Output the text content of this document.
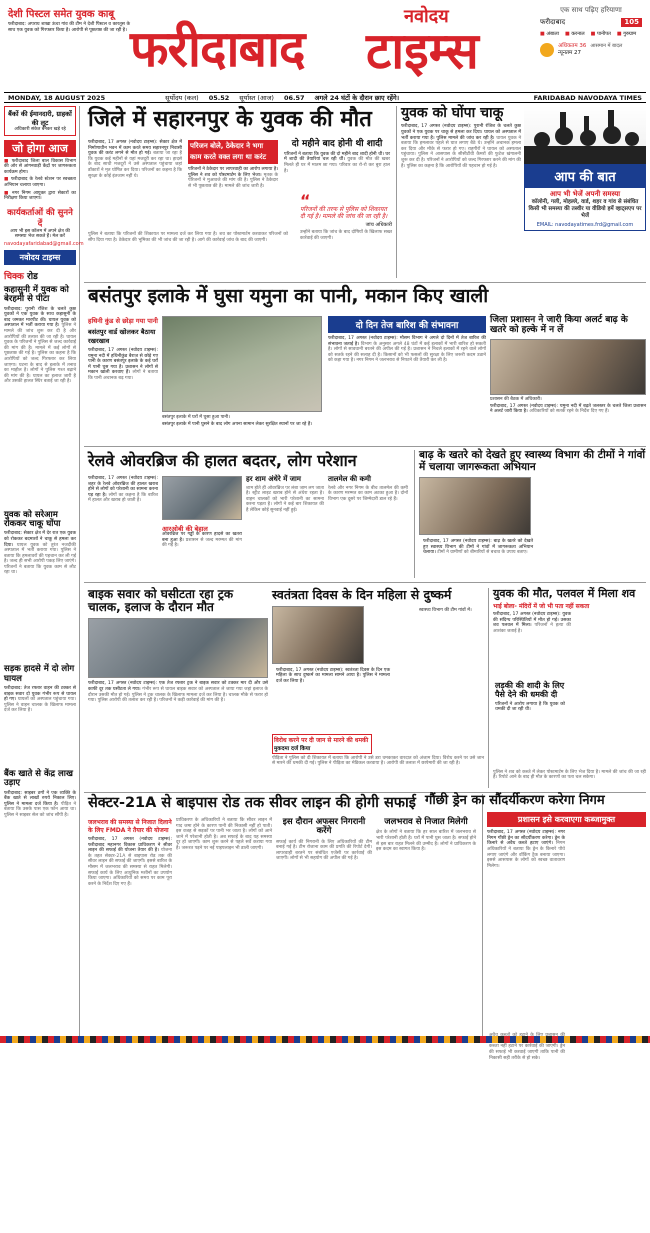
देशी पिस्टल समेत युवक काबू
फरीदाबाद: अपराध शाखा ऊंचा गांव की टीम ने देशी पिस्टल व कारतूस के साथ एक युवक को गिरफ्तार किया है। आरोपी से पूछताछ की जा रही है। फरीदाबाद
नवोदय
टाइम्स
एक साथ पढ़िए हरियाणा
फरीदाबाद	105
■ अंबाला	■ करनाल	■ पानीपत	■ गुरुग्राम
अधिकतम 36
न्यूनतम 27
आसमान में बादल
MONDAY, 18 AUGUST 2025	सूर्योदय (कल) 05.52 सूर्यास्त (आज) 06.57 अगले 24 घंटों के दौरान छाए रहेंगे।	FARIDABAD NAVODAYA TIMES
बैंकों की ईमानदारी, ग्राहकों की लूट
अधिकारी संकेत बनकर खड़े रहे
जो होगा आज
■ फरीदाबाद जिला बाल विकास विभाग की ओर से आंगनवाड़ी केंद्रों पर जागरूकता कार्यक्रम होगा।
■ फरीदाबाद के रेलवे स्टेशन पर स्वच्छता अभियान चलाया जाएगा।
■ नगर निगम आयुक्त द्वारा सेक्टरों का निरीक्षण किया जाएगा।
कार्यकर्ताओं की सुनने दें
आप भी इस कॉलम में अपने क्षेत्र की समस्या भेज सकते हैं। मेल करें
navodayafaridabad@gmail.com
नवोदय टाइम्स
चिक्क रोड
कहासुनी में युवक को बेरहमी से पीटा
फरीदाबाद: पुरानी रंजिश के चलते कुछ युवकों ने एक युवक के साथ कहासुनी के बाद जमकर मारपीट की। घायल युवक को अस्पताल में भर्ती कराया गया है। पुलिस ने मामले की जांच शुरू कर दी है और आरोपियों की तलाश की जा रही है। घायल युवक के परिजनों ने पुलिस से जल्द कार्रवाई की मांग की है। मामले में कई लोगों से पूछताछ की गई है। पुलिस का कहना है कि आरोपियों को जल्द गिरफ्तार कर लिया जाएगा। घटना के बाद से इलाके में तनाव का माहौल है। लोगों ने पुलिस गश्त बढ़ाने की मांग की है। घायल का इलाज जारी है और उसकी हालत स्थिर बताई जा रही है।
युवक को सरेआम रोककर चाकू घोंपा
फरीदाबाद: सेक्टर क्षेत्र में देर रात एक युवक को रोककर बदमाशों ने चाकू से हमला कर दिया। घायल युवक को तुरंत नजदीकी अस्पताल में भर्ती कराया गया। पुलिस ने बताया कि हमलावरों की पहचान कर ली गई है। जल्द ही सभी आरोपी पकड़ लिए जाएंगे। परिजनों ने बताया कि युवक काम से लौट रहा था।
सड़क हादसे में दो लोग घायल
फरीदाबाद: तेज रफ्तार वाहन की टक्कर से बाइक सवार दो युवक गंभीर रूप से घायल हो गए। घायलों को अस्पताल पहुंचाया गया। पुलिस ने वाहन चालक के खिलाफ मामला दर्ज कर लिया है।
बैंक खाते से केंद्र लाख उड़ाए
फरीदाबाद: साइबर ठगों ने एक व्यक्ति के बैंक खाते से लाखों रुपये निकाल लिए। पुलिस ने मामला दर्ज किया है। पीड़ित ने बताया कि उसके पास एक फोन आया था। पुलिस ने साइबर सेल को जांच सौंपी है।
जिले में सहारनपुर के युवक की मौत
फरीदाबाद, 17 अगस्त (नवोदय टाइम्स): सेक्टर क्षेत्र में निर्माणाधीन भवन में काम करते समय सहारनपुर निवासी युवक की करंट लगने से मौत हो गई। बताया जा रहा है कि युवक कई महीनों से यहां मजदूरी कर रहा था। हादसे के बाद साथी मजदूरों ने उसे अस्पताल पहुंचाया जहां डॉक्टरों ने मृत घोषित कर दिया। परिजनों का कहना है कि सुरक्षा के कोई इंतजाम नहीं थे।
परिजन बोले, ठेकेदार ने भगा
काम करते वक्त लगा था करंट
परिजनों ने ठेकेदार पर लापरवाही का आरोप लगाया है। पुलिस ने शव को पोस्टमार्टम के लिए भेजा। मृतक के परिजनों ने मुआवजे की मांग की है। पुलिस ने ठेकेदार से भी पूछताछ की है। मामले की जांच जारी है।
दो महीने बाद होनी थी शादी
परिजनों ने बताया कि युवक की दो महीने बाद शादी होनी थी। घर में शादी की तैयारियां चल रही थीं। युवक की मौत की खबर मिलते ही घर में मातम छा गया। परिवार का रो-रो कर बुरा हाल है।
पुलिस ने बताया कि परिजनों की शिकायत पर मामला दर्ज कर लिया गया है। शव का पोस्टमार्टम करवाकर परिजनों को सौंप दिया गया है। ठेकेदार की भूमिका की भी जांच की जा रही है। आगे की कार्रवाई जांच के बाद की जाएगी।
“
परिजनों की तरफ से पुलिस को शिकायत दी गई है। मामले की जांच की जा रही है।
जांच अधिकारी
उन्होंने बताया कि जांच के बाद दोषियों के खिलाफ सख्त कार्रवाई की जाएगी।
युवक को घोंपा चाकू
फरीदाबाद, 17 अगस्त (नवोदय टाइम्स): पुरानी रंजिश के चलते कुछ युवकों ने एक युवक पर चाकू से हमला कर दिया। घायल को अस्पताल में भर्ती कराया गया है। पुलिस मामले की जांच कर रही है। घायल युवक ने बताया कि हमलावर पहले से घात लगाए बैठे थे। उन्होंने अचानक हमला कर दिया और मौके से फरार हो गए। राहगीरों ने घायल को अस्पताल पहुंचाया। पुलिस ने आसपास के सीसीटीवी कैमरों की फुटेज खंगालनी शुरू कर दी है। परिजनों ने आरोपियों को जल्द गिरफ्तार करने की मांग की है। पुलिस का कहना है कि आरोपियों की पहचान हो गई है।
आप की बात
आप भी भेजें अपनी समस्या
कॉलोनी, गली, मोहल्ले, वार्ड, शहर व गांव से संबंधित किसी भी समस्या की तस्वीर या वीडियो हमें व्हाट्सएप पर भेजें
EMAIL: navodayatimes.frd@gmail.com
बसंतपुर इलाके में घुसा यमुना का पानी, मकान किए खाली
हथिनी कुंड से छोड़ा गया पानी
बसंतपुर वार्ड खोलकर बैठाया रखरखाव
फरीदाबाद, 17 अगस्त (नवोदय टाइम्स): यमुना नदी में हथिनीकुंड बैराज से छोड़े गए पानी के कारण बसंतपुर इलाके के कई घरों में पानी घुस गया है। प्रशासन ने लोगों से मकान खाली करवाए हैं। लोगों ने बताया कि पानी अचानक बढ़ गया।
बसंतपुर इलाके में घरों में घुसा हुआ पानी।
बसंतपुर इलाके में पानी घुसने के बाद लोग अपना सामान लेकर सुरक्षित स्थानों पर जा रहे हैं।
दो दिन तेज बारिश की संभावना
फरीदाबाद, 17 अगस्त (नवोदय टाइम्स): मौसम विभाग ने अगले दो दिनों में तेज बारिश की संभावना जताई है। विभाग के अनुसार अगले 48 घंटों में कई इलाकों में भारी बारिश हो सकती है। लोगों से सावधानी बरतने की अपील की गई है। प्रशासन ने निचले इलाकों में रहने वाले लोगों को सतर्क रहने की सलाह दी है। किसानों को भी फसलों की सुरक्षा के लिए जरूरी कदम उठाने को कहा गया है। नगर निगम ने जलभराव से निपटने की तैयारी कर ली है।
जिला प्रशासन ने जारी किया अलर्ट बाढ़ के खतरे को हल्के में न लें
प्रशासन की बैठक में अधिकारी।
फरीदाबाद, 17 अगस्त (नवोदय टाइम्स): यमुना नदी में बढ़ते जलस्तर के चलते जिला प्रशासन ने अलर्ट जारी किया है। अधिकारियों को सतर्क रहने के निर्देश दिए गए हैं।
रेलवे ओवरब्रिज की हालत बदतर, लोग परेशान
फरीदाबाद, 17 अगस्त (नवोदय टाइम्स): शहर के रेलवे ओवरब्रिज की हालत खराब होने से लोगों को परेशानी का सामना करना पड़ रहा है। लोगों का कहना है कि बारिश में हालत और खराब हो जाती है।
आरओबी की बेहाल
ओवरब्रिज पर गड्ढों के कारण हादसे का खतरा बना हुआ है। प्रशासन से जल्द मरम्मत की मांग की गई है।
हर शाम अंधेरे में जाम
शाम होते ही ओवरब्रिज पर लंबा जाम लग जाता है। स्ट्रीट लाइट खराब होने से अंधेरा रहता है। वाहन चालकों को भारी परेशानी का सामना करना पड़ता है। लोगों ने कई बार शिकायत की है लेकिन कोई सुनवाई नहीं हुई।
तालमेल की कमी
रेलवे और नगर निगम के बीच तालमेल की कमी के कारण मरम्मत का काम अटका हुआ है। दोनों विभाग एक दूसरे पर जिम्मेदारी डाल रहे हैं।
बाढ़ के खतरे को देखते हुए स्वास्थ्य विभाग की टीमों ने गांवों में चलाया जागरूकता अभियान
फरीदाबाद, 17 अगस्त (नवोदय टाइम्स): बाढ़ के खतरे को देखते हुए स्वास्थ्य विभाग की टीमों ने गांवों में जागरूकता अभियान चलाया। टीमों ने ग्रामीणों को बीमारियों से बचाव के उपाय बताए।
स्वास्थ्य विभाग की टीम गांवों में।
बाइक सवार को घसीटता रहा ट्रक चालक, इलाज के दौरान मौत
फरीदाबाद, 17 अगस्त (नवोदय टाइम्स): एक तेज रफ्तार ट्रक ने बाइक सवार को टक्कर मार दी और उसे काफी दूर तक घसीटता ले गया। गंभीर रूप से घायल बाइक सवार को अस्पताल ले जाया गया जहां इलाज के दौरान उसकी मौत हो गई। पुलिस ने ट्रक चालक के खिलाफ मामला दर्ज कर लिया है। चालक मौके से फरार हो गया। पुलिस आरोपी की तलाश कर रही है। परिजनों ने कड़ी कार्रवाई की मांग की है।
स्वतंत्रता दिवस के दिन महिला से दुष्कर्म
फरीदाबाद, 17 अगस्त (नवोदय टाइम्स): स्वतंत्रता दिवस के दिन एक महिला के साथ दुष्कर्म का मामला सामने आया है। पुलिस ने मामला दर्ज कर लिया है।
विरोध करने पर दी जान से मारने की धमकी
मुकदमा दर्ज किया
पीड़िता ने पुलिस को दी शिकायत में बताया कि आरोपी ने उसे डरा धमकाकर वारदात को अंजाम दिया। विरोध करने पर उसे जान से मारने की धमकी दी गई। पुलिस ने पीड़िता का मेडिकल करवाया है। आरोपी की तलाश में छापेमारी की जा रही है।
युवक की मौत, पलवल में मिला शव
भाई बोला- मंदिरों में जो भी पता नहीं सकता
फरीदाबाद, 17 अगस्त (नवोदय टाइम्स): युवक की संदिग्ध परिस्थितियों में मौत हो गई। उसका शव पलवल में मिला। परिजनों ने हत्या की आशंका जताई है।
लड़की की शादी के लिए पैसे देने की धमकी दी
परिजनों ने आरोप लगाया है कि युवक को धमकी दी जा रही थी।
पुलिस ने शव को कब्जे में लेकर पोस्टमार्टम के लिए भेज दिया है। मामले की जांच की जा रही है। रिपोर्ट आने के बाद ही मौत के कारणों का पता चल सकेगा।
सेक्टर-21A से बाइपास रोड तक सीवर लाइन की होगी सफाई
जलभराव की समस्या से निजात दिलाने के लिए FMDA ने तैयार की योजना
फरीदाबाद, 17 अगस्त (नवोदय टाइम्स): फरीदाबाद महानगर विकास प्राधिकरण ने सीवर लाइन की सफाई की योजना तैयार की है। योजना के तहत सेक्टर-21A से बाइपास रोड तक की सीवर लाइन की सफाई की जाएगी। इससे बारिश के मौसम में जलभराव की समस्या से राहत मिलेगी। सफाई कार्य के लिए आधुनिक मशीनों का उपयोग किया जाएगा। अधिकारियों को समय पर काम पूरा करने के निर्देश दिए गए हैं।
प्राधिकरण के अधिकारियों ने बताया कि सीवर लाइन में गाद जमा होने के कारण पानी की निकासी नहीं हो पाती। इस वजह से सड़कों पर पानी भर जाता है। लोगों को आने जाने में परेशानी होती है। अब सफाई के बाद यह समस्या दूर हो जाएगी। काम शुरू करने से पहले सर्वे कराया गया है। जरूरत पड़ने पर नई पाइपलाइन भी डाली जाएगी।
इस दौरान अफसर निगरानी करेंगे
सफाई कार्य की निगरानी के लिए अधिकारियों की टीम बनाई गई है। टीम रोजाना काम की प्रगति की रिपोर्ट देगी। लापरवाही बरतने पर संबंधित एजेंसी पर कार्रवाई की जाएगी। लोगों से भी सहयोग की अपील की गई है।
जलभराव से निजात मिलेगी
क्षेत्र के लोगों ने बताया कि हर साल बारिश में जलभराव से भारी परेशानी होती है। घरों में पानी घुस जाता है। सफाई होने से इस बार राहत मिलने की उम्मीद है। लोगों ने प्राधिकरण के इस कदम का स्वागत किया है।
गौंछी ड्रेन का सौंदर्यीकरण करेगा निगम
प्रशासन इसे करवाएगा कब्जामुक्त
फरीदाबाद, 17 अगस्त (नवोदय टाइम्स): नगर निगम गौंछी ड्रेन का सौंदर्यीकरण करेगा। ड्रेन के किनारे से अवैध कब्जे हटाए जाएंगे। निगम अधिकारियों ने बताया कि ड्रेन के किनारे पौधे लगाए जाएंगे और वॉकिंग ट्रैक बनाया जाएगा। इससे आसपास के लोगों को स्वच्छ वातावरण मिलेगा। कब्जा नहीं हटाने पर कार्रवाई की जाएगी। ड्रेन की सफाई भी करवाई जाएगी ताकि पानी की निकासी सही तरीके से हो सके।
